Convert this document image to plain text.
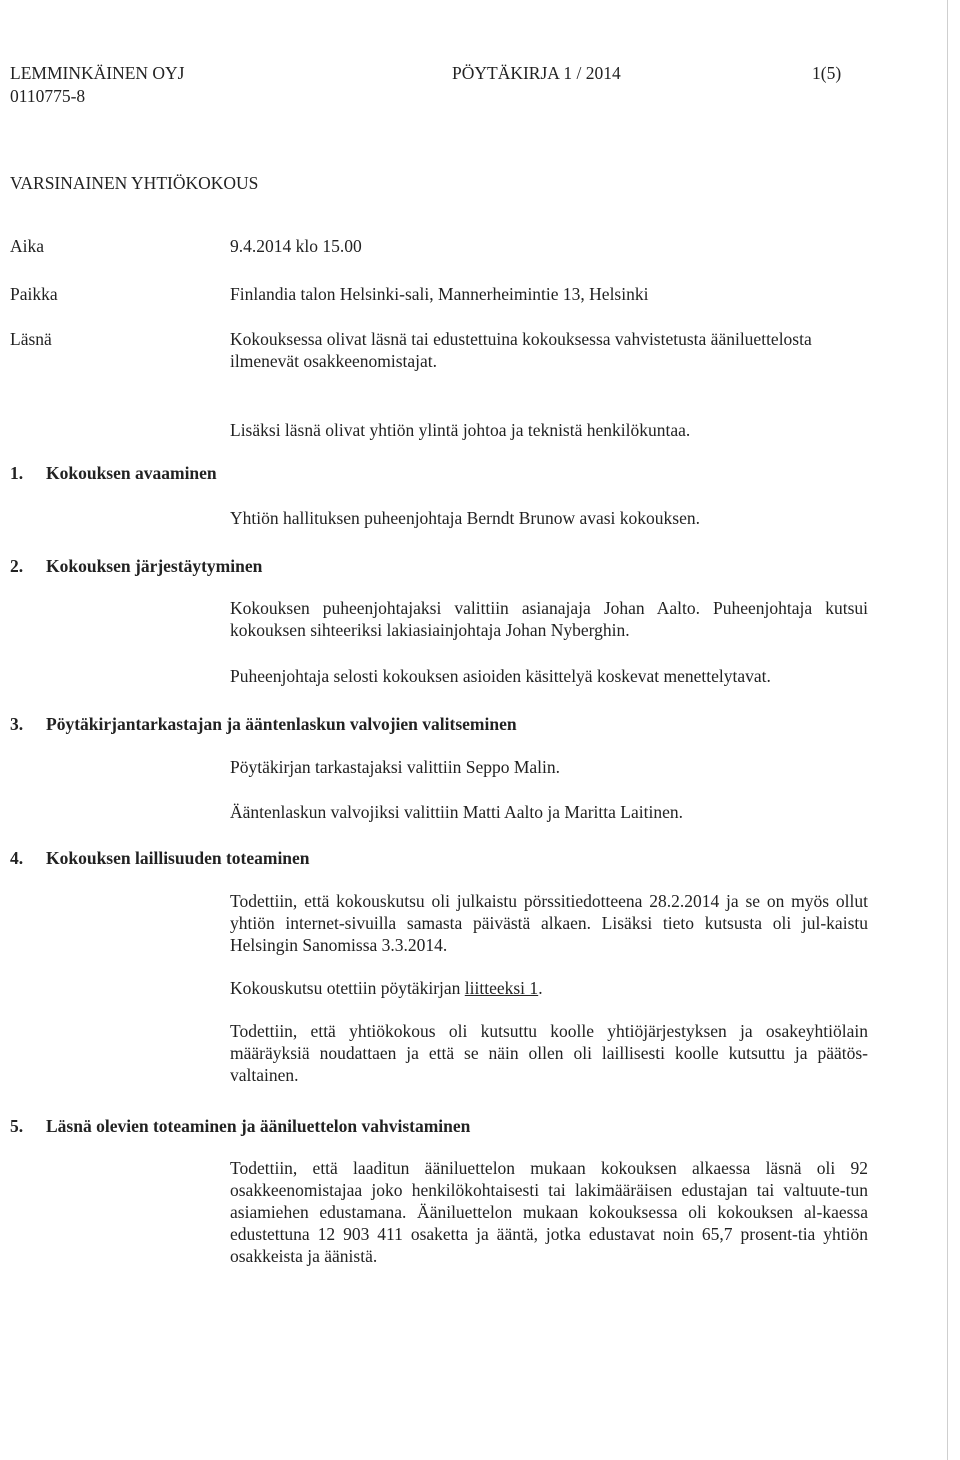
LEMMINKÄINEN OYJ
0110775-8
PÖYTÄKIRJA 1 / 2014	1(5)
VARSINAINEN YHTIÖKOKOUS
Aika	9.4.2014 klo 15.00
Paikka	Finlandia talon Helsinki-sali, Mannerheimintie 13, Helsinki
Läsnä	Kokouksessa olivat läsnä tai edustettuina kokouksessa vahvistetusta ääniluettelosta ilmenevät osakkeenomistajat.
Lisäksi läsnä olivat yhtiön ylintä johtoa ja teknistä henkilökuntaa.
1. Kokouksen avaaminen
Yhtiön hallituksen puheenjohtaja Berndt Brunow avasi kokouksen.
2. Kokouksen järjestäytyminen
Kokouksen puheenjohtajaksi valittiin asianajaja Johan Aalto. Puheenjohtaja kutsui kokouksen sihteeriksi lakiasiainjohtaja Johan Nyberghin.
Puheenjohtaja selosti kokouksen asioiden käsittelyä koskevat menettelytavat.
3. Pöytäkirjantarkastajan ja ääntenlaskun valvojien valitseminen
Pöytäkirjan tarkastajaksi valittiin Seppo Malin.
Ääntenlaskun valvojiksi valittiin Matti Aalto ja Maritta Laitinen.
4. Kokouksen laillisuuden toteaminen
Todettiin, että kokouskutsu oli julkaistu pörssitiedotteena 28.2.2014 ja se on myös ollut yhtiön internet-sivuilla samasta päivästä alkaen. Lisäksi tieto kutsusta oli jul-kaistu Helsingin Sanomissa 3.3.2014.
Kokouskutsu otettiin pöytäkirjan liitteeksi 1.
Todettiin, että yhtiökokous oli kutsuttu koolle yhtiöjärjestyksen ja osakeyhtiölain määräyksiä noudattaen ja että se näin ollen oli laillisesti koolle kutsuttu ja päätös-valtainen.
5. Läsnä olevien toteaminen ja ääniluettelon vahvistaminen
Todettiin, että laaditun ääniluettelon mukaan kokouksen alkaessa läsnä oli 92 osakkeenomistajaa joko henkilökohtaisesti tai lakimääräisen edustajan tai valtuute-tun asiamiehen edustamana. Ääniluettelon mukaan kokouksessa oli kokouksen al-kaessa edustettuna 12 903 411 osaketta ja ääntä, jotka edustavat noin 65,7 prosent-tia yhtiön osakkeista ja äänistä.
